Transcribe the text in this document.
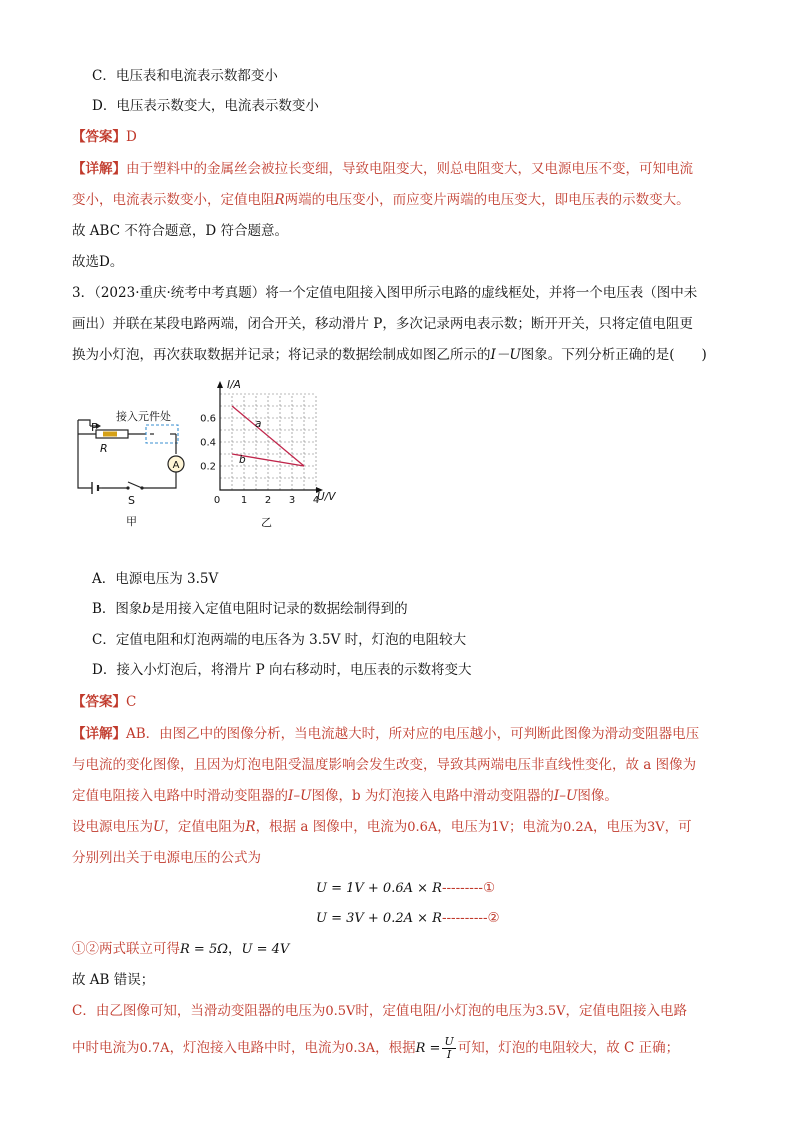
C．电压表和电流表示数都变小
D．电压表示数变大，电流表示数变小
【答案】D
【详解】由于塑料中的金属丝会被拉长变细，导致电阻变大，则总电阻变大，又电源电压不变，可知电流
变小，电流表示数变小，定值电阻R两端的电压变小，而应变片两端的电压变大，即电压表的示数变大。
故 ABC 不符合题意，D 符合题意。
故选D。
3．（2023·重庆·统考中考真题）将一个定值电阻接入图甲所示电路的虚线框处，并将一个电压表（图中未
画出）并联在某段电路两端，闭合开关，移动滑片 P，多次记录两电表示数；断开开关，只将定值电阻更
换为小灯泡，再次获取数据并记录；将记录的数据绘制成如图乙所示的I－U图象。下列分析正确的是(　　)
A
接入元件处
P
R
S
甲
0.6
0.4
0.2
0 1 2 3 4
I/A
U/V
a
b
乙
A．电源电压为 3.5V
B．图象b是用接入定值电阻时记录的数据绘制得到的
C．定值电阻和灯泡两端的电压各为 3.5V 时，灯泡的电阻较大
D．接入小灯泡后，将滑片 P 向右移动时，电压表的示数将变大
【答案】C
【详解】AB．由图乙中的图像分析，当电流越大时，所对应的电压越小，可判断此图像为滑动变阻器电压
与电流的变化图像，且因为灯泡电阻受温度影响会发生改变，导致其两端电压非直线性变化，故 a 图像为
定值电阻接入电路中时滑动变阻器的I–U图像，b 为灯泡接入电路中滑动变阻器的I–U图像。
设电源电压为U，定值电阻为R，根据 a 图像中，电流为0.6A，电压为1V；电流为0.2A，电压为3V，可
分别列出关于电源电压的公式为
U = 1V + 0.6A × R---------①
U = 3V + 0.2A × R----------②
①②两式联立可得R = 5Ω，U = 4V
故 AB 错误；
C．由乙图像可知，当滑动变阻器的电压为0.5V时，定值电阻/小灯泡的电压为3.5V，定值电阻接入电路
中时电流为0.7A，灯泡接入电路中时，电流为0.3A，根据$R = \frac{U}{I}$ 可知，灯泡的电阻较大，故 C 正确；
